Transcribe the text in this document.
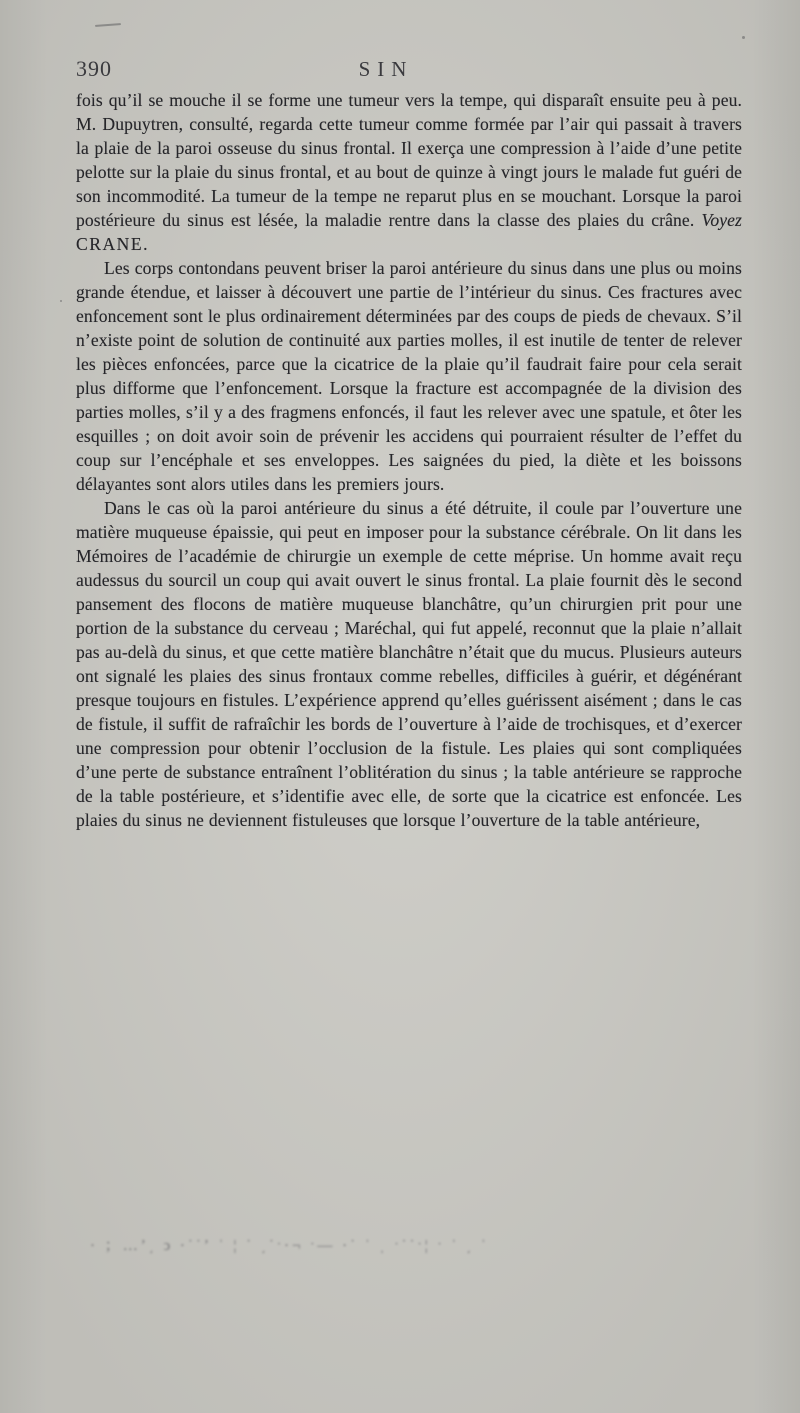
390	SIN

fois qu’il se mouche il se forme une tumeur vers la tempe, qui disparaît ensuite peu à peu. M. Dupuytren, consulté, regarda cette tumeur comme formée par l’air qui passait à travers la plaie de la paroi osseuse du sinus frontal. Il exerça une compression à l’aide d’une petite pelotte sur la plaie du sinus frontal, et au bout de quinze à vingt jours le malade fut guéri de son incommodité. La tumeur de la tempe ne reparut plus en se mouchant. Lorsque la paroi postérieure du sinus est lésée, la maladie rentre dans la classe des plaies du crâne. Voyez CRANE.

Les corps contondans peuvent briser la paroi antérieure du sinus dans une plus ou moins grande étendue, et laisser à découvert une partie de l’intérieur du sinus. Ces fractures avec enfoncement sont le plus ordinairement déterminées par des coups de pieds de chevaux. S’il n’existe point de solution de continuité aux parties molles, il est inutile de tenter de relever les pièces enfoncées, parce que la cicatrice de la plaie qu’il faudrait faire pour cela serait plus difforme que l’enfoncement. Lorsque la fracture est accompagnée de la division des parties molles, s’il y a des fragmens enfoncés, il faut les relever avec une spatule, et ôter les esquilles ; on doit avoir soin de prévenir les accidens qui pourraient résulter de l’effet du coup sur l’encéphale et ses enveloppes. Les saignées du pied, la diète et les boissons délayantes sont alors utiles dans les premiers jours.

Dans le cas où la paroi antérieure du sinus a été détruite, il coule par l’ouverture une matière muqueuse épaissie, qui peut en imposer pour la substance cérébrale. On lit dans les Mémoires de l’académie de chirurgie un exemple de cette méprise. Un homme avait reçu audessus du sourcil un coup qui avait ouvert le sinus frontal. La plaie fournit dès le second pansement des flocons de matière muqueuse blanchâtre, qu’un chirurgien prit pour une portion de la substance du cerveau ; Maréchal, qui fut appelé, reconnut que la plaie n’allait pas au-delà du sinus, et que cette matière blanchâtre n’était que du mucus. Plusieurs auteurs ont signalé les plaies des sinus frontaux comme rebelles, difficiles à guérir, et dégénérant presque toujours en fistules. L’expérience apprend qu’elles guérissent aisément ; dans le cas de fistule, il suffit de rafraîchir les bords de l’ouverture à l’aide de trochisques, et d’exercer une compression pour obtenir l’occlusion de la fistule. Les plaies qui sont compliquées d’une perte de substance entraînent l’oblitération du sinus ; la table antérieure se rapproche de la table postérieure, et s’identifie avec elle, de sorte que la cicatrice est enfoncée. Les plaies du sinus ne deviennent fistuleuses que lorsque l’ouverture de la table antérieure,

· ；…ʼ͵ ͻ ·˙˙ʼ ˈ ¦ ˙ ͵˙ˑ·¬ ˑ— ·˙ ˈ ˌ ˑ˙˙ˑ¦ ˑ ˈ ͵ ˈ
